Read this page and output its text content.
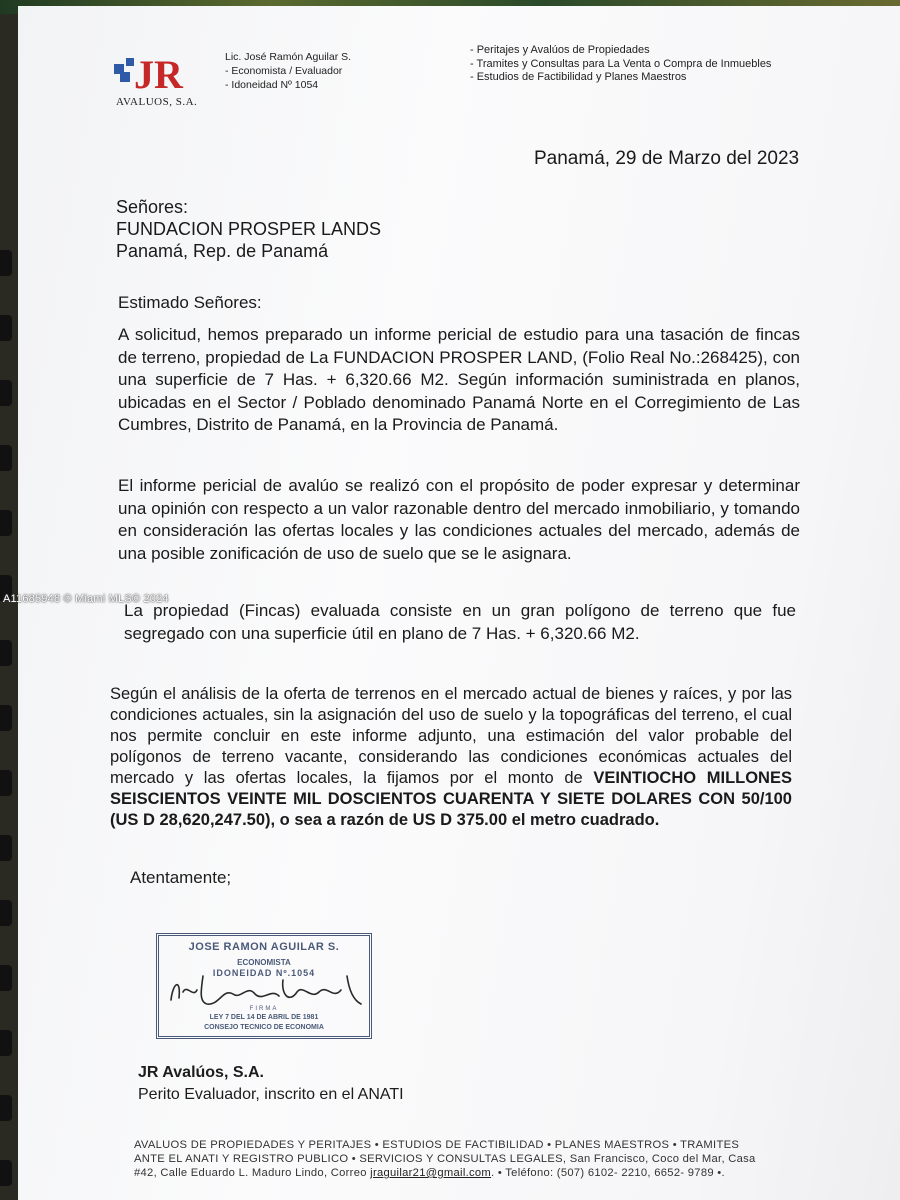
JR
AVALUOS, S.A.
Lic. José Ramón Aguilar S.
- Economista / Evaluador
- Idoneidad Nº 1054
- Peritajes y Avalúos de Propiedades
- Tramites y Consultas para La Venta o Compra de Inmuebles
- Estudios de Factibilidad y Planes Maestros
Panamá, 29 de Marzo del 2023
Señores:
FUNDACION PROSPER LANDS
Panamá, Rep. de Panamá
Estimado Señores:
A solicitud, hemos preparado un informe pericial de estudio para una tasación de fincas de terreno, propiedad de La FUNDACION PROSPER LAND, (Folio Real No.:268425), con una superficie de 7 Has. + 6,320.66 M2. Según información suministrada en planos, ubicadas en el Sector / Poblado denominado Panamá Norte en el Corregimiento de Las Cumbres, Distrito de Panamá, en la Provincia de Panamá.
El informe pericial de avalúo se realizó con el propósito de poder expresar y determinar una opinión con respecto a un valor razonable dentro del mercado inmobiliario, y tomando en consideración las ofertas locales y las condiciones actuales del mercado, además de una posible zonificación de uso de suelo que se le asignara.
La propiedad (Fincas) evaluada consiste en un gran polígono de terreno que fue segregado con una superficie útil en plano de 7 Has. + 6,320.66 M2.
Según el análisis de la oferta de terrenos en el mercado actual de bienes y raíces, y por las condiciones actuales, sin la asignación del uso de suelo y la topográficas del terreno, el cual nos permite concluir en este informe adjunto, una estimación del valor probable del polígonos de terreno vacante, considerando las condiciones económicas actuales del mercado y las ofertas locales, la fijamos por el monto de VEINTIOCHO MILLONES SEISCIENTOS VEINTE MIL DOSCIENTOS CUARENTA Y SIETE DOLARES CON 50/100 (US D 28,620,247.50), o sea a razón de US D 375.00 el metro cuadrado.
Atentamente;
JOSE RAMON AGUILAR S.
ECONOMISTA
IDONEIDAD Nº.1054
FIRMA
LEY 7 DEL 14 DE ABRIL DE 1981
CONSEJO TECNICO DE ECONOMIA
JR Avalúos, S.A.
Perito Evaluador, inscrito en el ANATI
AVALUOS DE PROPIEDADES Y PERITAJES • ESTUDIOS DE FACTIBILIDAD • PLANES MAESTROS • TRAMITES
ANTE EL ANATI Y REGISTRO PUBLICO • SERVICIOS Y CONSULTAS LEGALES, San Francisco, Coco del Mar, Casa
#42, Calle Eduardo L. Maduro Lindo, Correo jraguilar21@gmail.com. • Teléfono: (507) 6102- 2210, 6652- 9789 •.
A11685948 © Miami MLS© 2024
